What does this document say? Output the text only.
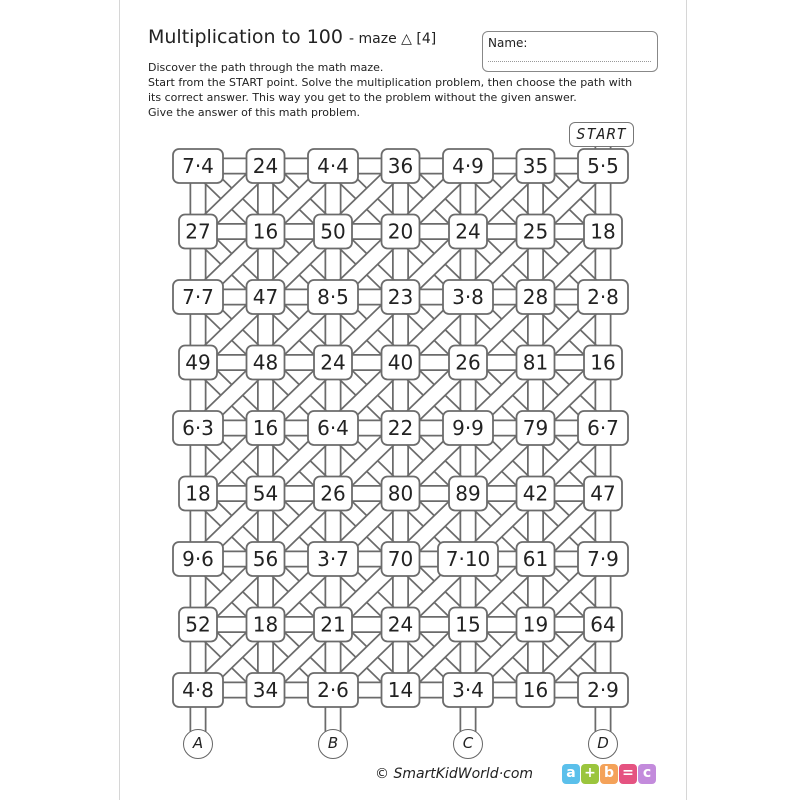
Multiplication to 100 - maze △ [4]	Name:
Discover the path through the math maze.
Start from the START point. Solve the multiplication problem, then choose the path with
its correct answer. This way you get to the problem without the given answer.
Give the answer of this math problem.
7·4 24 4·4 36 4·9 35 5·5
27 16 50 20 24 25 18
7·7 47 8·5 23 3·8 28 2·8
49 48 24 40 26 81 16
6·3 16 6·4 22 9·9 79 6·7
18 54 26 80 89 42 47
9·6 56 3·7 70 7·10 61 7·9
52 18 21 24 15 19 64
4·8 34 2·6 14 3·4 16 2·9
START
A	B	C	D
© SmartKidWorld·com	a + b = c
